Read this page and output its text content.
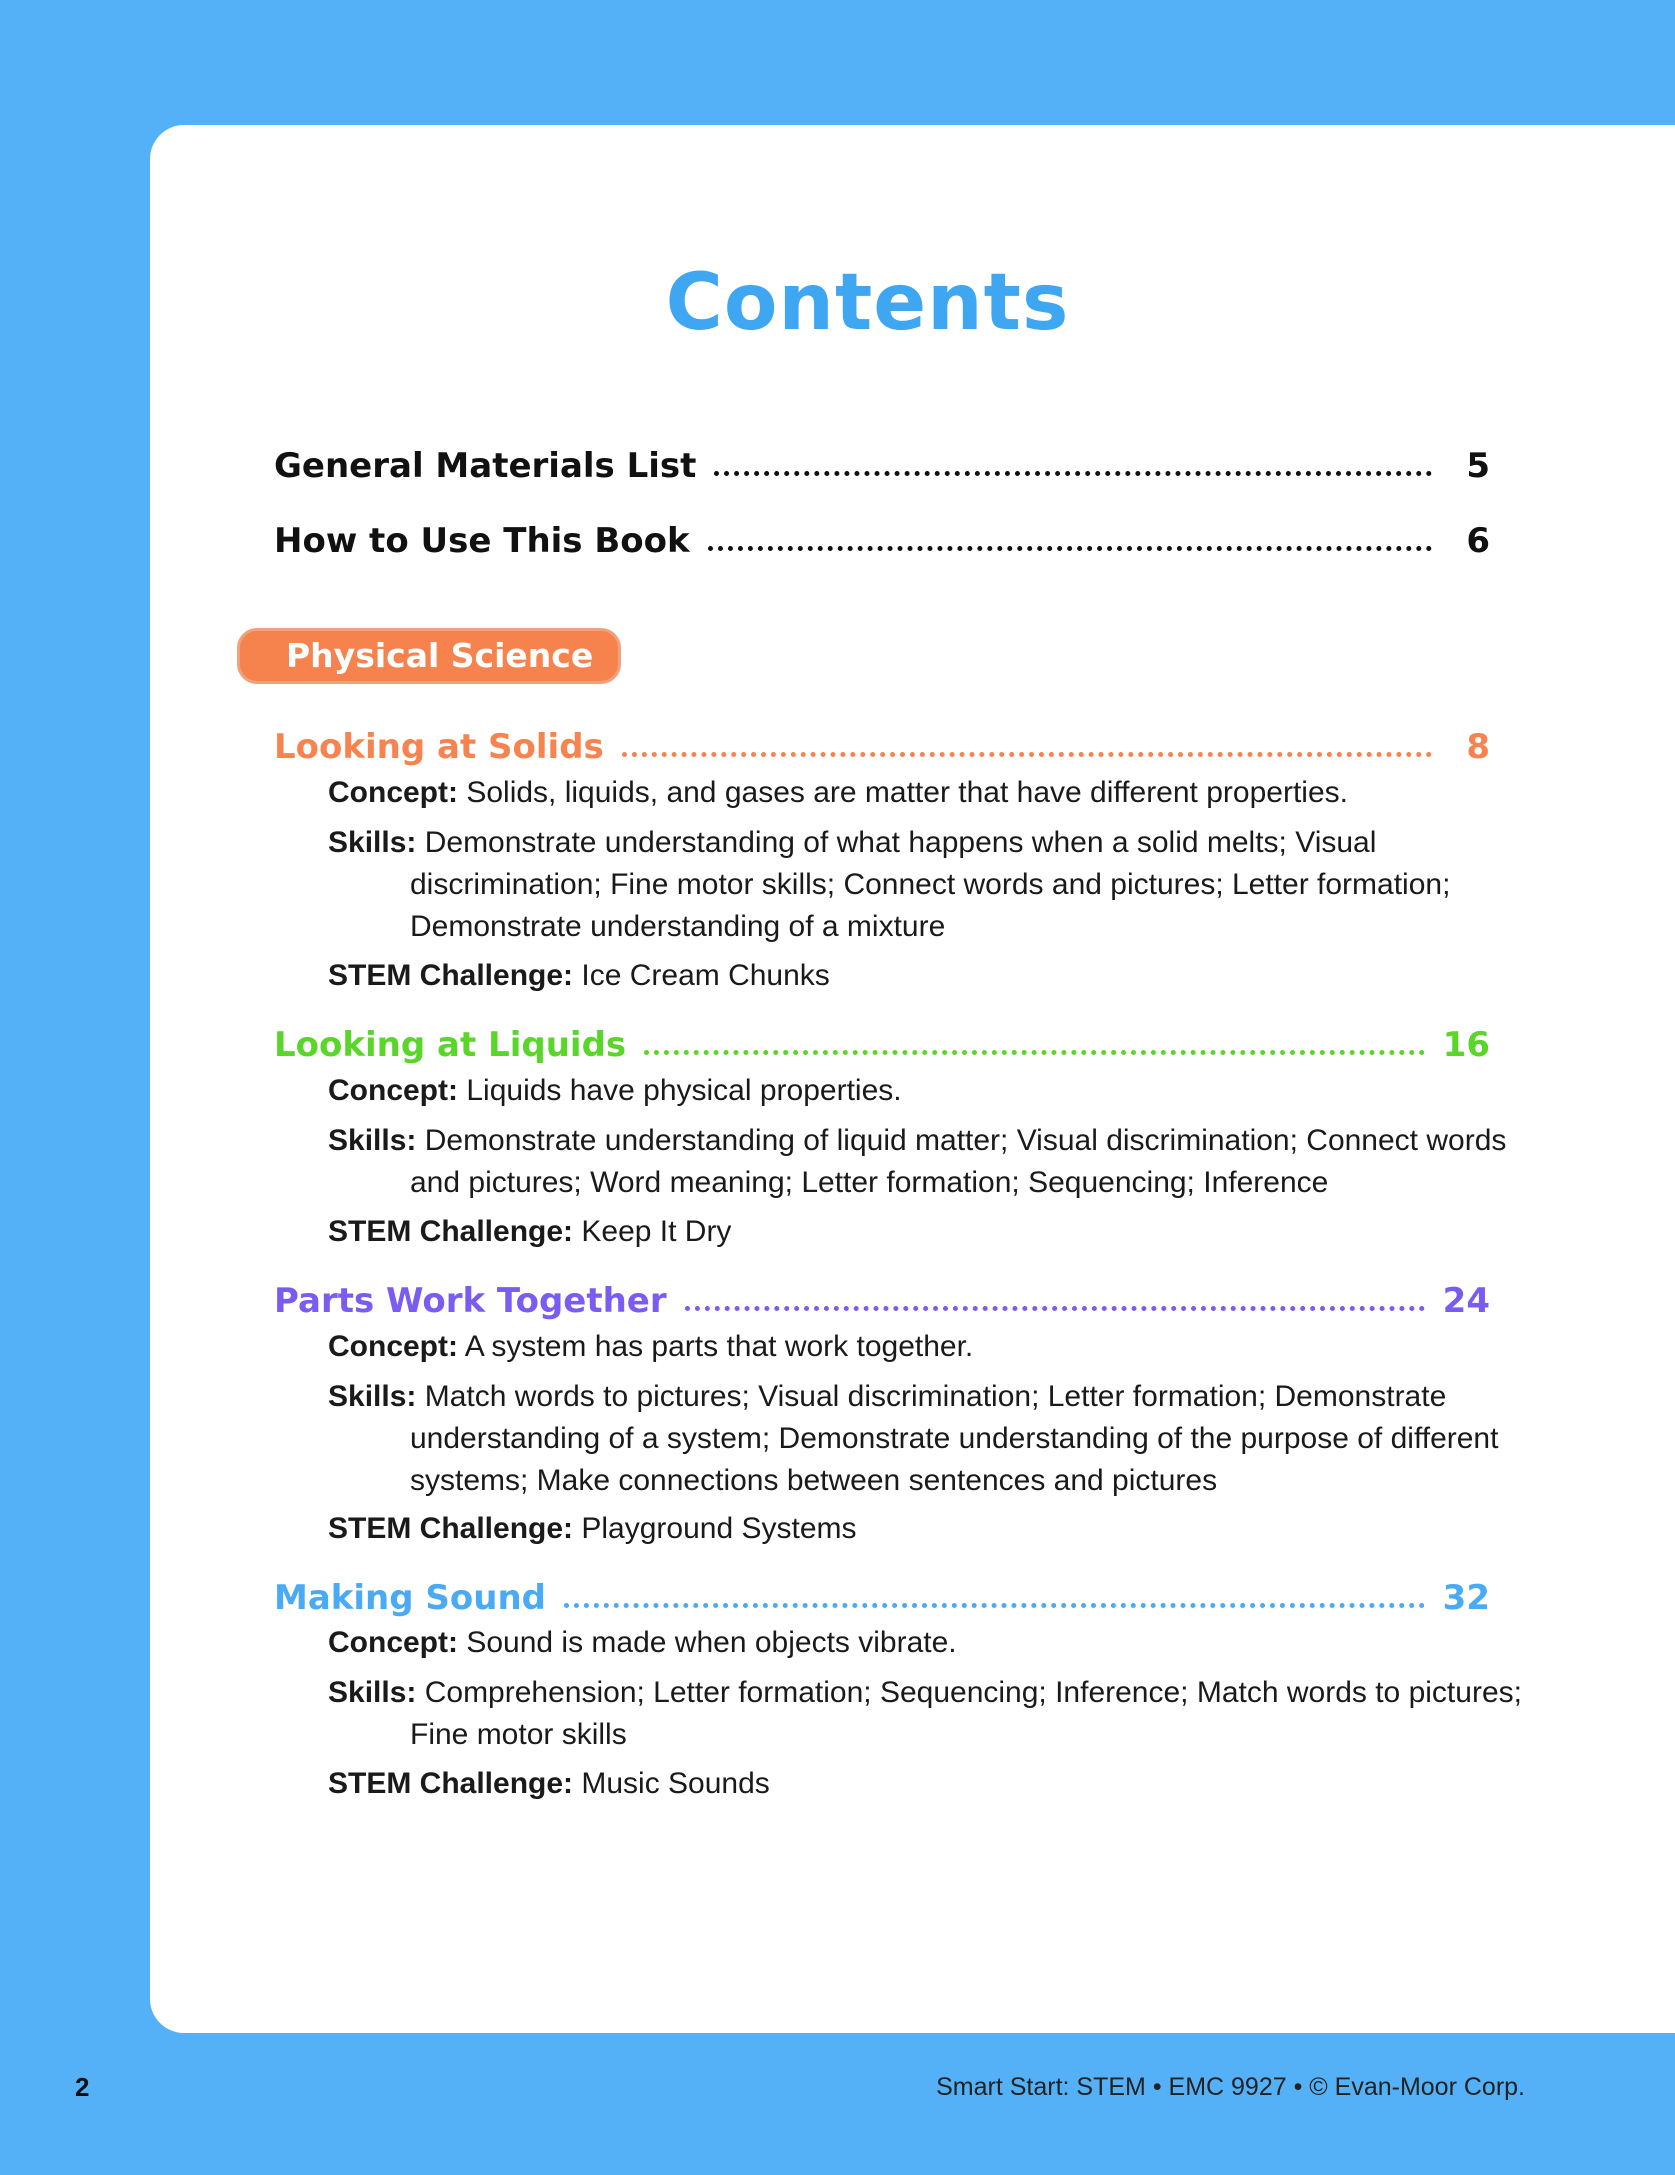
Contents
General Materials List	5
How to Use This Book	6
Physical Science
Looking at Solids	8
Concept: Solids, liquids, and gases are matter that have different properties.
Skills: Demonstrate understanding of what happens when a solid melts; Visual discrimination; Fine motor skills; Connect words and pictures; Letter formation; Demonstrate understanding of a mixture
STEM Challenge: Ice Cream Chunks
Looking at Liquids	16
Concept: Liquids have physical properties.
Skills: Demonstrate understanding of liquid matter; Visual discrimination; Connect words and pictures; Word meaning; Letter formation; Sequencing; Inference
STEM Challenge: Keep It Dry
Parts Work Together	24
Concept: A system has parts that work together.
Skills: Match words to pictures; Visual discrimination; Letter formation; Demonstrate understanding of a system; Demonstrate understanding of the purpose of different systems; Make connections between sentences and pictures
STEM Challenge: Playground Systems
Making Sound	32
Concept: Sound is made when objects vibrate.
Skills: Comprehension; Letter formation; Sequencing; Inference; Match words to pictures; Fine motor skills
STEM Challenge: Music Sounds
2	Smart Start: STEM • EMC 9927 • © Evan-Moor Corp.
